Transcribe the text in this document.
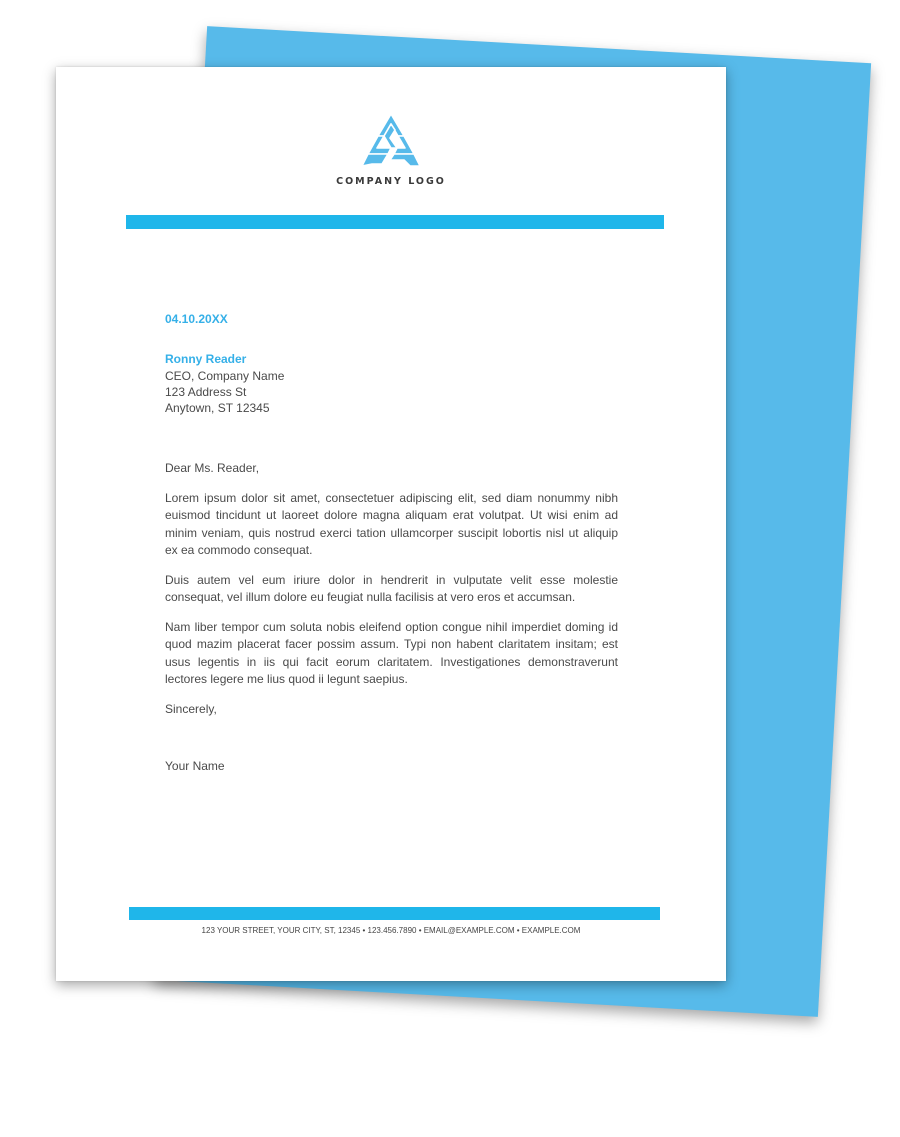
COMPANY LOGO

04.10.20XX

Ronny Reader

CEO, Company Name

123 Address St

Anytown, ST 12345

Dear Ms. Reader,

Lorem ipsum dolor sit amet, consectetuer adipiscing elit, sed diam nonummy nibh euismod tincidunt ut laoreet dolore magna aliquam erat volutpat. Ut wisi enim ad minim veniam, quis nostrud exerci tation ullamcorper suscipit lobortis nisl ut aliquip ex ea commodo consequat.

Duis autem vel eum iriure dolor in hendrerit in vulputate velit esse molestie consequat, vel illum dolore eu feugiat nulla facilisis at vero eros et accumsan.

Nam liber tempor cum soluta nobis eleifend option congue nihil imperdiet doming id quod mazim placerat facer possim assum. Typi non habent claritatem insitam; est usus legentis in iis qui facit eorum claritatem. Investigationes demonstraverunt lectores legere me lius quod ii legunt saepius.

Sincerely,

Your Name

123 YOUR STREET, YOUR CITY, ST, 12345 • 123.456.7890 • EMAIL@EXAMPLE.COM • EXAMPLE.COM
